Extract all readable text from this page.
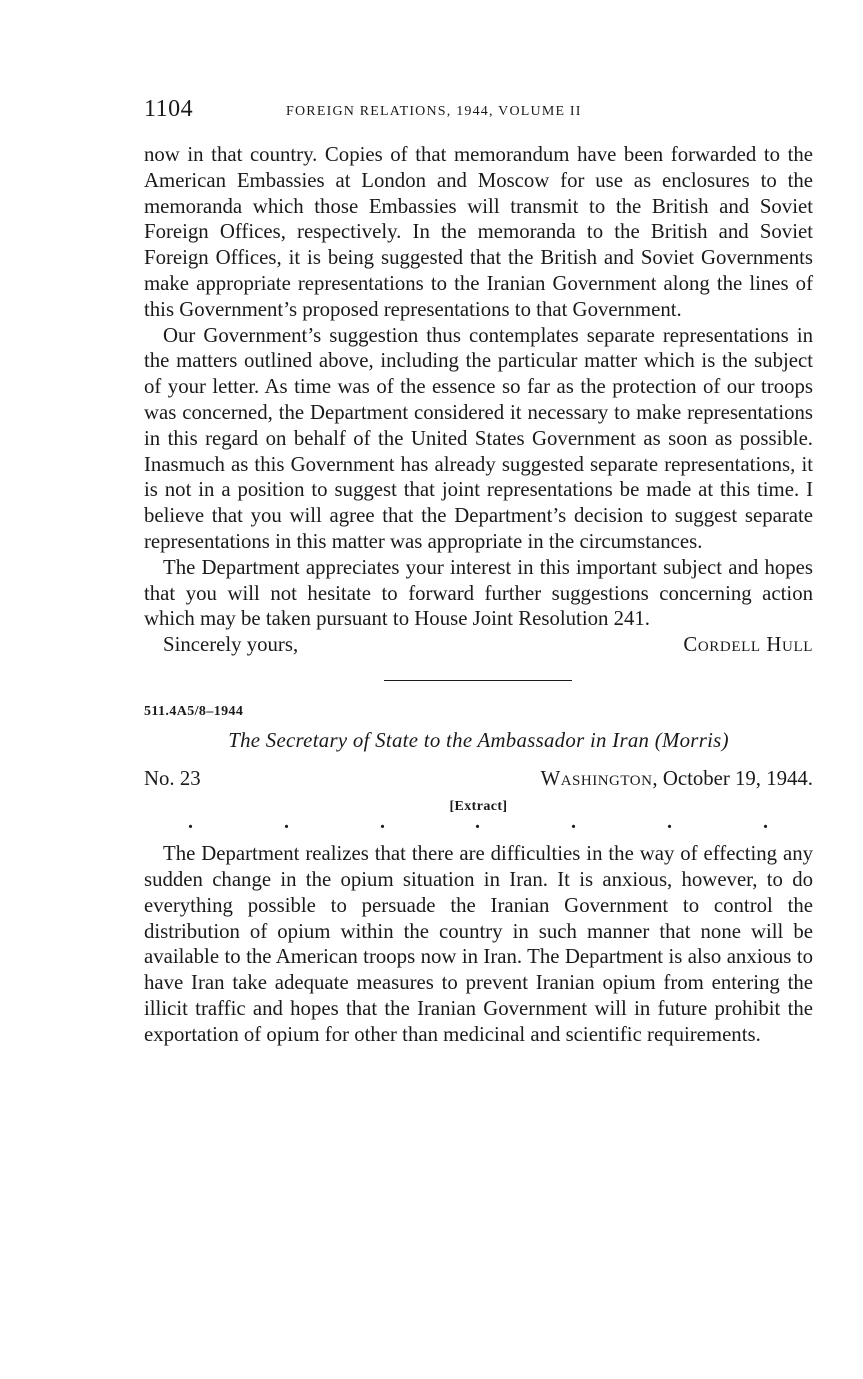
1104	FOREIGN RELATIONS, 1944, VOLUME II

now in that country. Copies of that memorandum have been forwarded to the American Embassies at London and Moscow for use as enclosures to the memoranda which those Embassies will transmit to the British and Soviet Foreign Offices, respectively. In the memoranda to the British and Soviet Foreign Offices, it is being suggested that the British and Soviet Governments make appropriate representations to the Iranian Government along the lines of this Government’s proposed representations to that Government.

Our Government’s suggestion thus contemplates separate representations in the matters outlined above, including the particular matter which is the subject of your letter. As time was of the essence so far as the protection of our troops was concerned, the Department considered it necessary to make representations in this regard on behalf of the United States Government as soon as possible. Inasmuch as this Government has already suggested separate representations, it is not in a position to suggest that joint representations be made at this time. I believe that you will agree that the Department’s decision to suggest separate representations in this matter was appropriate in the circumstances.

The Department appreciates your interest in this important subject and hopes that you will not hesitate to forward further suggestions concerning action which may be taken pursuant to House Joint Resolution 241.

Sincerely yours,	Cordell Hull
511.4A5/8–1944
The Secretary of State to the Ambassador in Iran (Morris)
No. 23	Washington, October 19, 1944.
[Extract]
.	.	.	.	.	.	.

The Department realizes that there are difficulties in the way of effecting any sudden change in the opium situation in Iran. It is anxious, however, to do everything possible to persuade the Iranian Government to control the distribution of opium within the country in such manner that none will be available to the American troops now in Iran. The Department is also anxious to have Iran take adequate measures to prevent Iranian opium from entering the illicit traffic and hopes that the Iranian Government will in future prohibit the exportation of opium for other than medicinal and scientific requirements.
